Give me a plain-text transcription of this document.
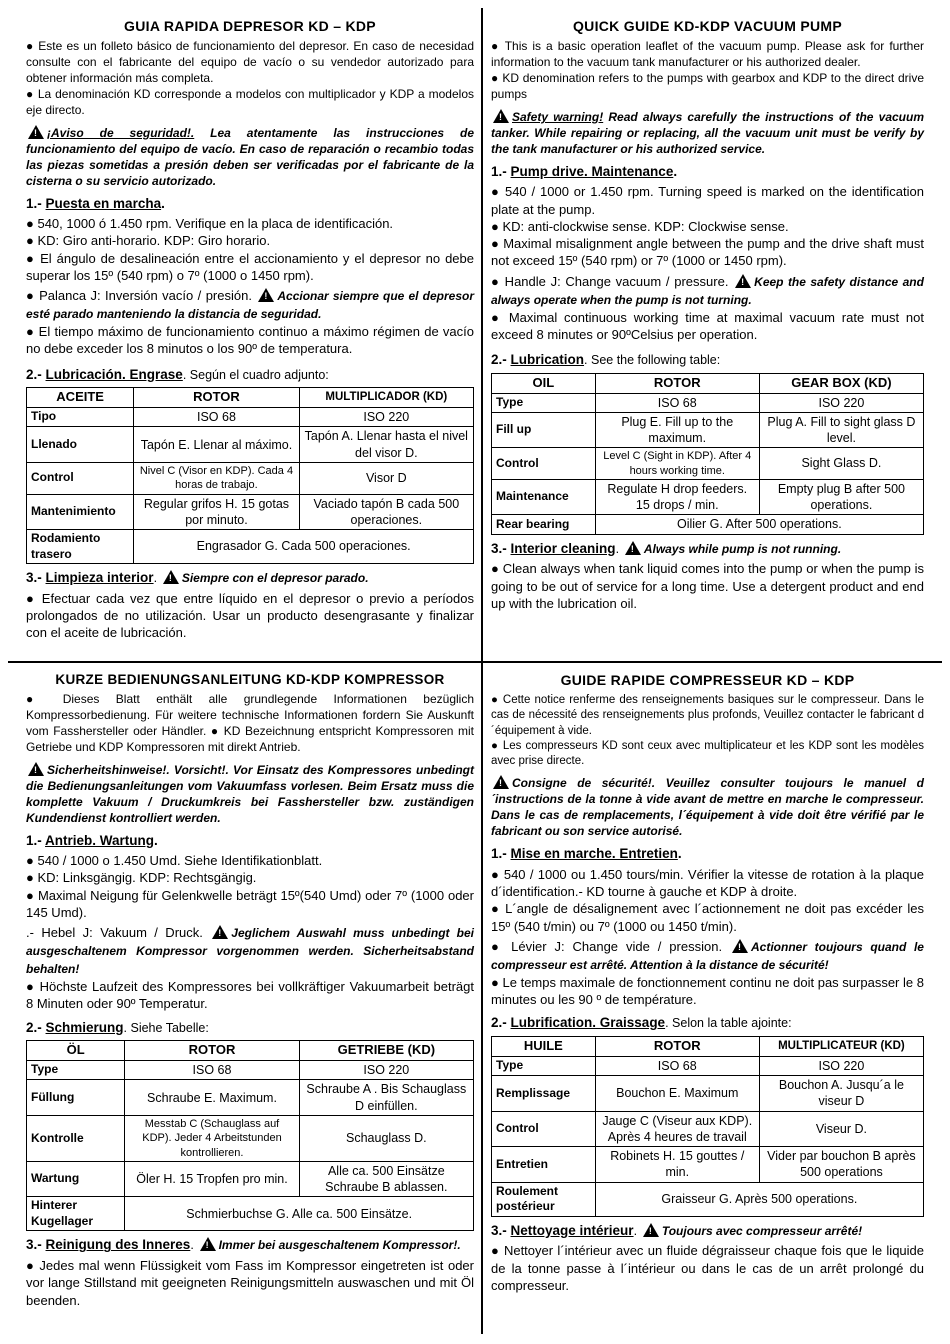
GUIA RAPIDA DEPRESOR KD – KDP

● Este es un folleto básico de funcionamiento del depresor. En caso de necesidad consulte con el fabricante del equipo de vacío o su vendedor autorizado para obtener información más completa.

● La denominación KD corresponde a modelos con multiplicador y KDP a modelos eje directo.

!¡Aviso de seguridad!. Lea atentamente las instrucciones de funcionamiento del equipo de vacío. En caso de reparación o recambio todas las piezas sometidas a presión deben ser verificadas por el fabricante de la cisterna o su servicio autorizado.

1.- Puesta en marcha.

● 540, 1000 ó 1.450 rpm. Verifique en la placa de identificación.

● KD: Giro anti-horario. KDP: Giro horario.

● El ángulo de desalineación entre el accionamiento y el depresor no debe superar los 15º (540 rpm) o 7º (1000 o 1450 rpm).

● Palanca J: Inversión vacío / presión. ! Accionar siempre que el depresor esté parado manteniendo la distancia de seguridad.

● El tiempo máximo de funcionamiento continuo a máximo régimen de vacío no debe exceder los 8 minutos o los 90º de temperatura.

2.- Lubricación. Engrase. Según el cuadro adjunto:
ACEITE	ROTOR	MULTIPLICADOR (KD)
Tipo	ISO 68	ISO 220
Llenado	Tapón E. Llenar al máximo.	Tapón A. Llenar hasta el nivel del visor D.
Control	Nivel C (Visor en KDP). Cada 4 horas de trabajo.	Visor D
Mantenimiento	Regular grifos H. 15 gotas por minuto.	Vaciado tapón B cada 500 operaciones.
Rodamiento trasero	Engrasador G. Cada 500 operaciones.	
3.- Limpieza interior. ! Siempre con el depresor parado.

● Efectuar cada vez que entre líquido en el depresor o previo a períodos prolongados de no utilización. Usar un producto desengrasante y finalizar con el aceite de lubricación.

QUICK GUIDE KD-KDP VACUUM PUMP

● This is a basic operation leaflet of the vacuum pump. Please ask for further information to the vacuum tank manufacturer or his authorized dealer.

● KD denomination refers to the pumps with gearbox and KDP to the direct drive pumps

!Safety warning! Read always carefully the instructions of the vacuum tanker. While repairing or replacing, all the vacuum unit must be verify by the tank manufacturer or his authorized service.

1.- Pump drive. Maintenance.

● 540 / 1000 or 1.450 rpm. Turning speed is marked on the identification plate at the pump.

● KD: anti-clockwise sense. KDP: Clockwise sense.

● Maximal misalignment angle between the pump and the drive shaft must not exceed 15º (540 rpm) or 7º (1000 or 1450 rpm).

● Handle J: Change vacuum / pressure. ! Keep the safety distance and always operate when the pump is not turning.

● Maximal continuous working time at maximal vacuum rate must not exceed 8 minutes or 90ºCelsius per operation.

2.- Lubrication. See the following table:
OIL	ROTOR	GEAR BOX (KD)
Type	ISO 68	ISO 220
Fill up	Plug E. Fill up to the maximum.	Plug A. Fill to sight glass D level.
Control	Level C (Sight in KDP). After 4 hours working time.	Sight Glass D.
Maintenance	Regulate H drop feeders. 15 drops / min.	Empty plug B after 500 operations.
Rear bearing	Oilier G. After 500 operations.	
3.- Interior cleaning. ! Always while pump is not running.

● Clean always when tank liquid comes into the pump or when the pump is going to be out of service for a long time. Use a detergent product and end up with the lubrication oil.

KURZE BEDIENUNGSANLEITUNG KD-KDP KOMPRESSOR

● Dieses Blatt enthält alle grundlegende Informationen bezüglich Kompressorbedienung. Für weitere technische Informationen fordern Sie Auskunft vom Fasshersteller oder Händler. ● KD Bezeichnung entspricht Kompressoren mit Getriebe und KDP Kompressoren mit direkt Antrieb.

!Sicherheitshinweise!. Vorsicht!. Vor Einsatz des Kompressores unbedingt die Bedienungsanleitungen vom Vakuumfass vorlesen. Beim Ersatz muss die komplette Vakuum / Druckumkreis bei Fasshersteller bzw. zuständigen Kundendienst kontrolliert werden.

1.- Antrieb. Wartung.

● 540 / 1000 o 1.450 Umd. Siehe Identifikationblatt.

● KD: Linksgängig. KDP: Rechtsgängig.

● Maximal Neigung für Gelenkwelle beträgt 15º(540 Umd) oder 7º (1000 oder 145 Umd).

.- Hebel J: Vakuum / Druck. ! Jeglichem Auswahl muss unbedingt bei ausgeschaltenem Kompressor vorgenommen werden. Sicherheitsabstand behalten!

● Höchste Laufzeit des Kompressores bei vollkräftiger Vakuumarbeit beträgt 8 Minuten oder 90º Temperatur.

2.- Schmierung. Siehe Tabelle:
ÖL	ROTOR	GETRIEBE (KD)
Type	ISO 68	ISO 220
Füllung	Schraube E. Maximum.	Schraube A . Bis Schauglass D einfüllen.
Kontrolle	Messtab C (Schauglass auf KDP). Jeder 4 Arbeitstunden kontrollieren.	Schauglass D.
Wartung	Öler H. 15 Tropfen pro min.	Alle ca. 500 Einsätze Schraube B ablassen.
Hinterer Kugellager	Schmierbuchse G. Alle ca. 500 Einsätze.	
3.- Reinigung des Inneres. ! Immer bei ausgeschaltenem Kompressor!.

● Jedes mal wenn Flüssigkeit vom Fass im Kompressor eingetreten ist oder vor lange Stillstand mit geeigneten Reinigungsmitteln auswaschen und mit Öl beenden.

GUIDE RAPIDE COMPRESSEUR KD – KDP

● Cette notice renferme des renseignements basiques sur le compresseur. Dans le cas de nécessité des renseignements plus profonds, Veuillez contacter le fabricant d´équipement à vide.

● Les compresseurs KD sont ceux avec multiplicateur et les KDP sont les modèles avec prise directe.

!Consigne de sécurité!. Veuillez consulter toujours le manuel d´instructions de la tonne à vide avant de mettre en marche le compresseur. Dans le cas de remplacements, l´équipement à vide doit être vérifié par le fabricant ou son service autorisé.

1.- Mise en marche. Entretien.

● 540 / 1000 ou 1.450 tours/min. Vérifier la vitesse de rotation à la plaque d´identification.- KD tourne à gauche et KDP à droite.

● L´angle de désalignement avec l´actionnement ne doit pas excéder les 15º (540 t/min) ou 7º (1000 ou 1450 t/min).

● Lévier J: Change vide / pression. ! Actionner toujours quand le compresseur est arrêté. Attention à la distance de sécurité!

● Le temps maximale de fonctionnement continu ne doit pas surpasser le 8 minutes ou les 90 º de température.

2.- Lubrification. Graissage. Selon la table ajointe:
HUILE	ROTOR	MULTIPLICATEUR (KD)
Type	ISO 68	ISO 220
Remplissage	Bouchon E. Maximum	Bouchon A. Jusqu´a le viseur D
Control	Jauge C (Viseur aux KDP). Après 4 heures de travail	Viseur D.
Entretien	Robinets H. 15 gouttes / min.	Vider par bouchon B après 500 operations
Roulement postérieur	Graisseur G. Après 500 operations.	
3.- Nettoyage intérieur. ! Toujours avec compresseur arrêté!

● Nettoyer l´intérieur avec un fluide dégraisseur chaque fois que le liquide de la tonne passe à l´intérieur ou dans le cas de un arrêt prolongé du compresseur.
